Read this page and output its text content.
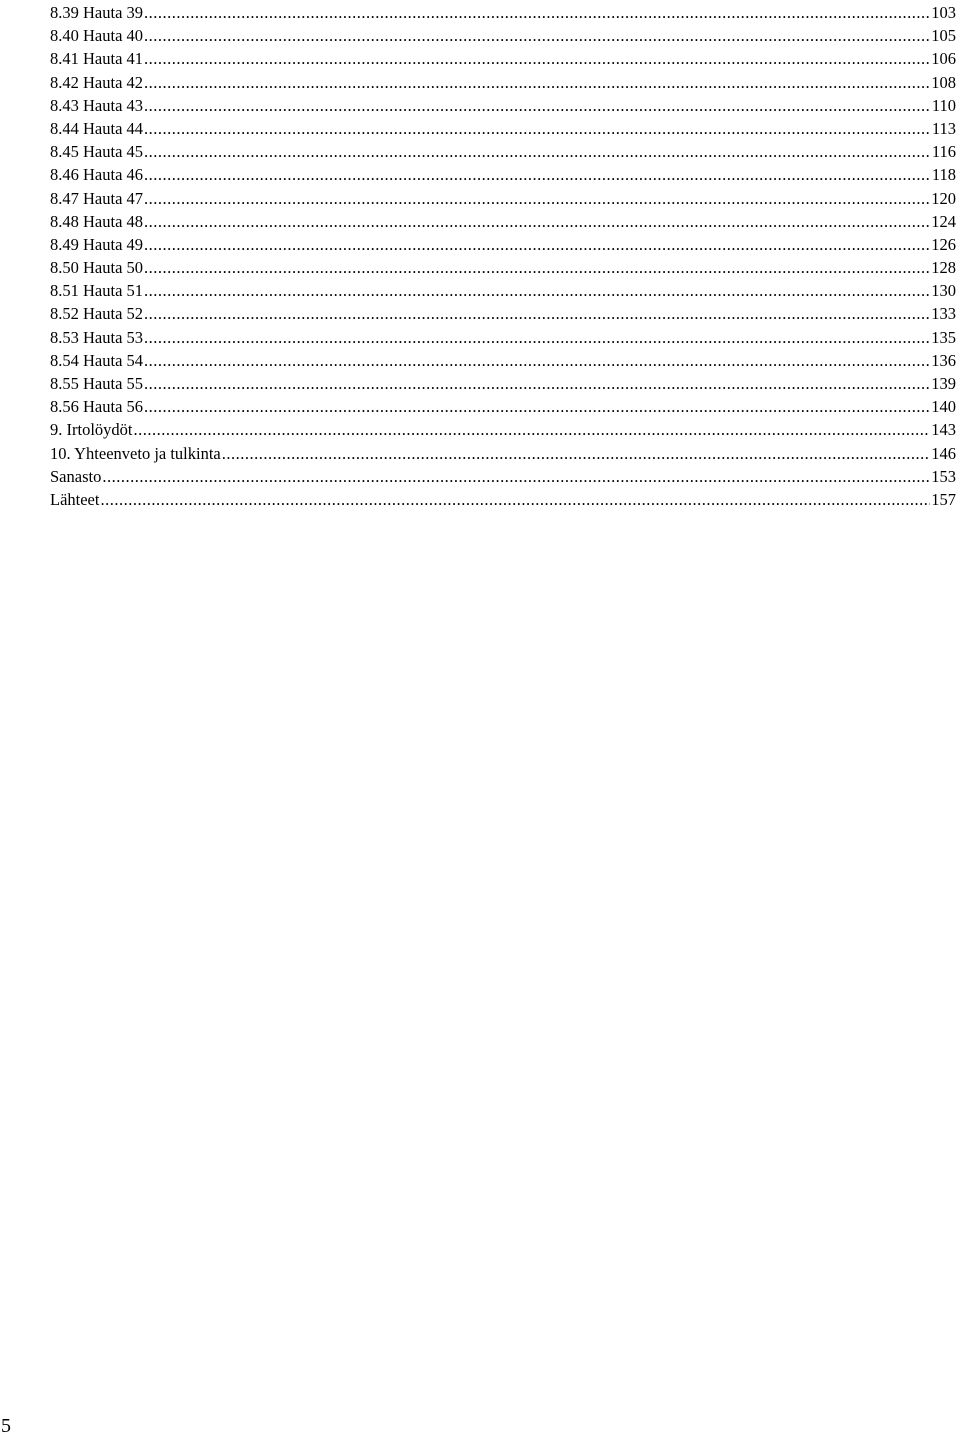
8.39 Hauta 39 .....	103
8.40 Hauta 40 .....	105
8.41 Hauta 41 .....	106
8.42 Hauta 42 .....	108
8.43 Hauta 43 .....	110
8.44 Hauta 44 .....	113
8.45 Hauta 45 .....	116
8.46 Hauta 46 .....	118
8.47 Hauta 47 .....	120
8.48 Hauta 48 .....	124
8.49 Hauta 49 .....	126
8.50 Hauta 50 .....	128
8.51 Hauta 51 .....	130
8.52 Hauta 52 .....	133
8.53 Hauta 53 .....	135
8.54 Hauta 54 .....	136
8.55 Hauta 55 .....	139
8.56 Hauta 56 .....	140
9. Irtolöydöt .....	143
10. Yhteenveto ja tulkinta .....	146
Sanasto .....	153
Lähteet .....	157
5
